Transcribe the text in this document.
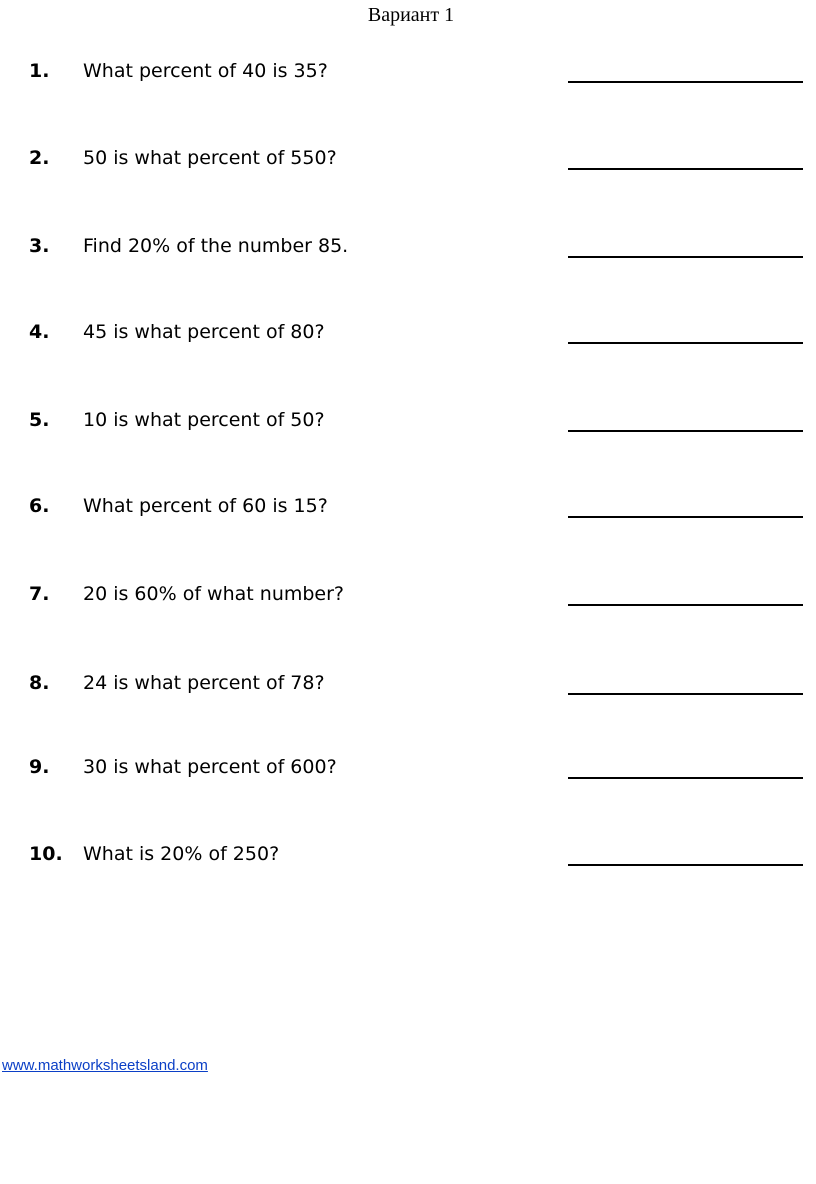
Вариант 1
1. What percent of 40 is 35?
2. 50 is what percent of 550?
3. Find 20% of the number 85.
4. 45 is what percent of 80?
5. 10 is what percent of 50?
6. What percent of 60 is 15?
7. 20 is 60% of what number?
8. 24 is what percent of 78?
9. 30 is what percent of 600?
10. What is 20% of 250?
www.mathworksheetsland.com
